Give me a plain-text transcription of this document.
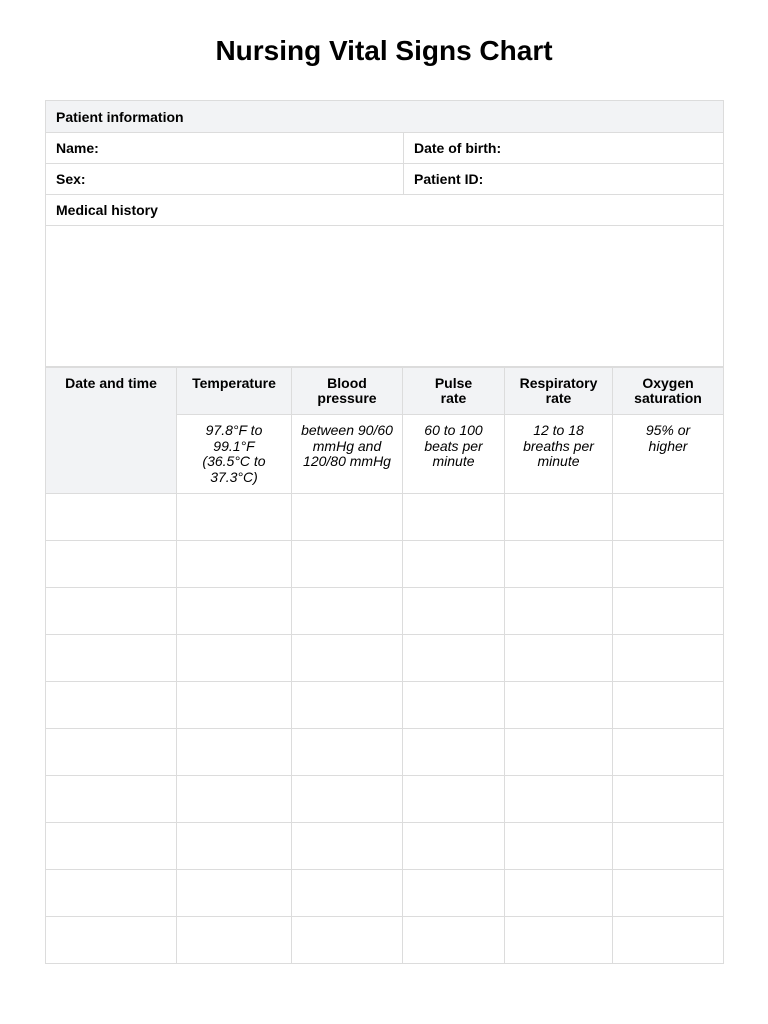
Nursing Vital Signs Chart
Patient information	
Name:	Date of birth:
Sex:	Patient ID:
Medical history	

Date and time	Temperature	Blood pressure	Pulse rate	Respiratory rate	Oxygen saturation
	97.8°F to 99.1°F (36.5°C to 37.3°C)	between 90/60 mmHg and 120/80 mmHg	60 to 100 beats per minute	12 to 18 breaths per minute	95% or higher
